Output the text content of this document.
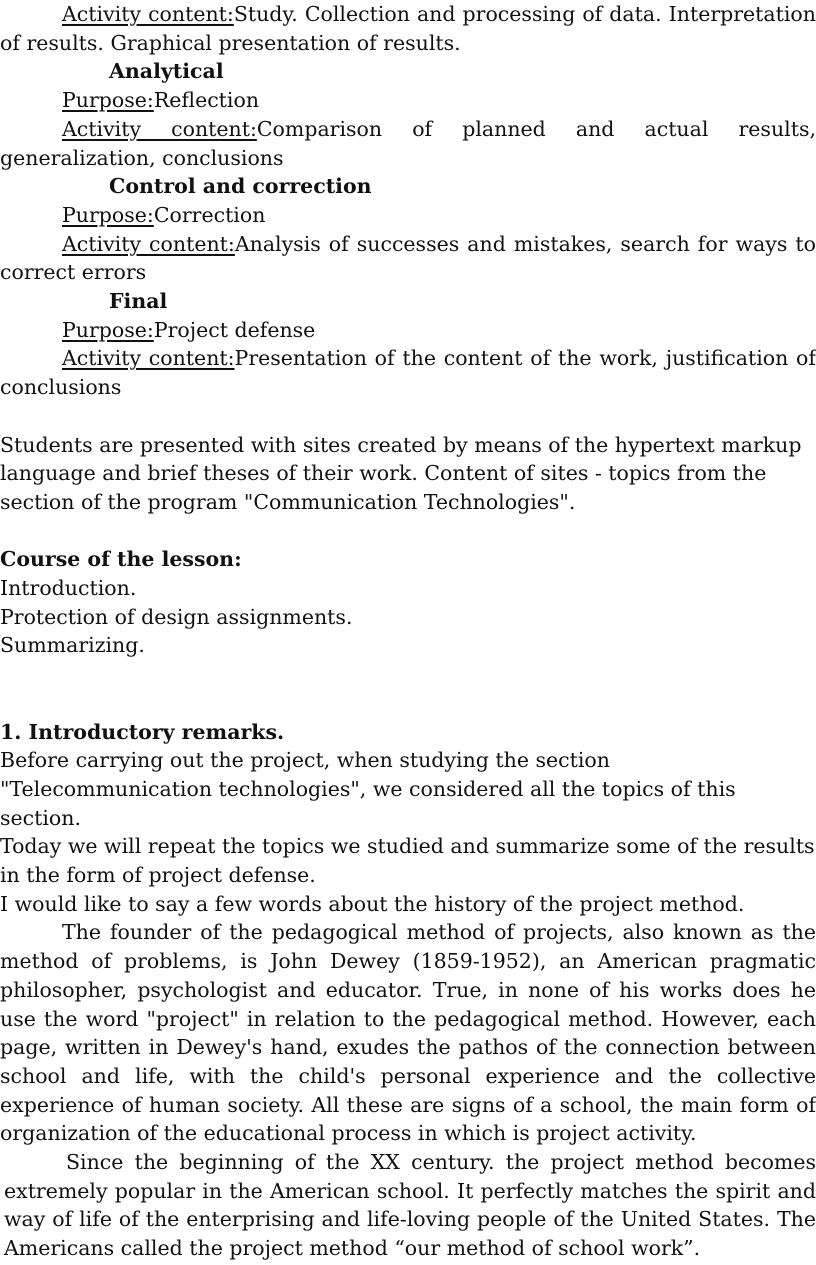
Activity content:Study. Collection and processing of data. Interpretation of results. Graphical presentation of results.

Analytical

Purpose:Reflection

Activity content:Comparison of planned and actual results, generalization, conclusions

Control and correction

Purpose:Correction

Activity content:Analysis of successes and mistakes, search for ways to correct errors

Final

Purpose:Project defense

Activity content:Presentation of the content of the work, justification of conclusions

Students are presented with sites created by means of the hypertext markup language and brief theses of their work. Content of sites - topics from the section of the program "Communication Technologies".

Course of the lesson:

Introduction.

Protection of design assignments.

Summarizing.

1. Introductory remarks.

Before carrying out the project, when studying the section

"Telecommunication technologies", we considered all the topics of this

section.

Today we will repeat the topics we studied and summarize some of the results in the form of project defense.

I would like to say a few words about the history of the project method.

The founder of the pedagogical method of projects, also known as the method of problems, is John Dewey (1859-1952), an American pragmatic philosopher, psychologist and educator. True, in none of his works does he use the word "project" in relation to the pedagogical method. However, each page, written in Dewey's hand, exudes the pathos of the connection between school and life, with the child's personal experience and the collective experience of human society. All these are signs of a school, the main form of organization of the educational process in which is project activity.

Since the beginning of the XX century. the project method becomes extremely popular in the American school. It perfectly matches the spirit and way of life of the enterprising and life-loving people of the United States. The Americans called the project method “our method of school work”.
